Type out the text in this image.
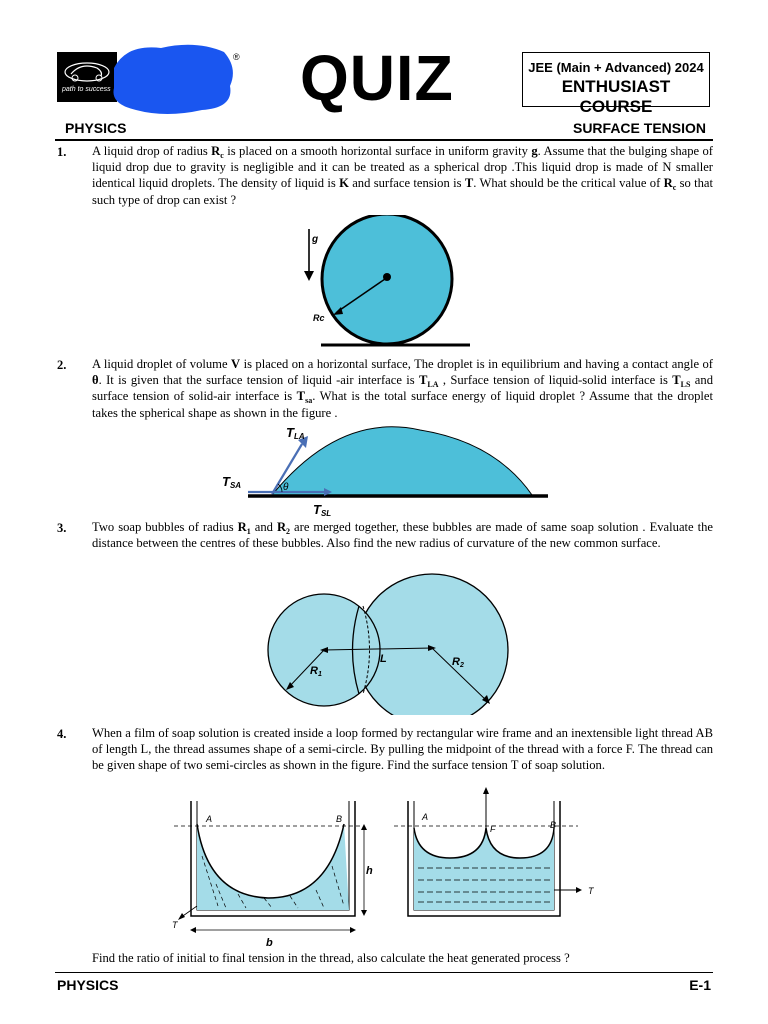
path to success
® QUIZ	JEE (Main + Advanced) 2024
ENTHUSIAST COURSE
PHYSICS	SURFACE TENSION
1. A liquid drop of radius $R_c$ is placed on a smooth horizontal surface in uniform gravity g. Assume that the bulging shape of liquid drop due to gravity is negligible and it can be treated as a spherical drop .This liquid drop is made of N smaller identical liquid droplets. The density of liquid is K and surface tension is T. What should be the critical value of $R_c$ so that such type of drop can exist ?
g
Rc
2. A liquid droplet of volume V is placed on a horizontal surface, The droplet is in equilibrium and having a contact angle of θ. It is given that the surface tension of liquid -air interface is $T_{LA}$ , Surface tension of liquid-solid interface is $T_{LS}$ and surface tension of solid-air interface is $T_{sa}$. What is the total surface energy of liquid droplet ? Assume that the droplet takes the spherical shape as shown in the figure .
θ
TLA
TSA
TSL
3. Two soap bubbles of radius $R_1$ and $R_2$ are merged together, these bubbles are made of same soap solution . Evaluate the distance between the centres of these bubbles. Also find the new radius of curvature of the new common surface.
R1
R2
L
4. When a film of soap solution is created inside a loop formed by rectangular wire frame and an inextensible light thread AB of length L, the thread assumes shape of a semi-circle. By pulling the midpoint of the thread with a force F. The thread can be given shape of two semi-circles as shown in the figure. Find the surface tension T of soap solution.
A	B
h
b
T
A
F	B
T
Find the ratio of initial to final tension in the thread, also calculate the heat generated process ?
PHYSICS	E-1
